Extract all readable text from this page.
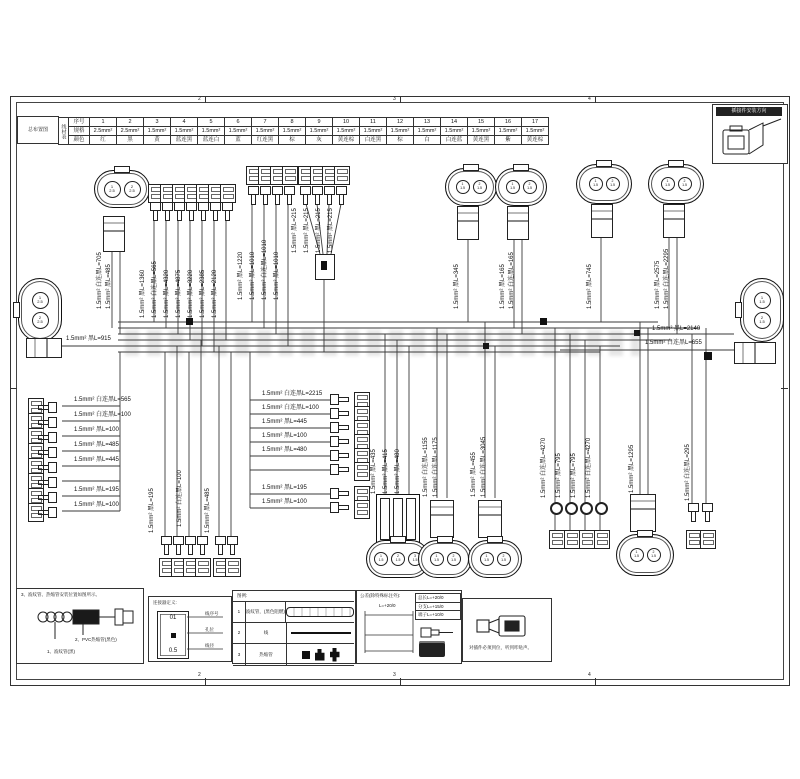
2	3	4
2	3	4
总布置图	线材表	序号	1	2	3	4	5	6	7	8	9	10	11	12	13	14	15	16	17
	规格	2.5mm²	2.5mm²	1.5mm²	1.5mm²	1.5mm²	1.5mm²	1.5mm²	1.5mm²	1.5mm²	1.5mm²	1.5mm²	1.5mm²	1.5mm²	1.5mm²	1.5mm²	1.5mm²	1.5mm²
	颜色	红	黑	黄	蓝连黑	蓝连白	蓝	红连黑	棕	灰	黄连棕	白连黑	棕	白	白连蓝	黄连黑	紫	黄连棕
插接件安装方向
1
2.5
2
2.5
1.5mm² 白连黑L=705 1.5mm² 黑L=485	1.5mm² 黑L=1360 1.5mm² 白连黑L=565 1.5mm² 黑L=4320 1.5mm² 黑L=4875 1.5mm² 黑L=3220 1.5mm² 黑L=2385 1.5mm² 黑L=2120	1.5mm² 黑L=1220 1.5mm² 黑L=1010 1.5mm² 白连黑L=1010 1.5mm² 黑L=1010
1.5mm² 黑L=215 1.5mm² 黑L=215 1.5mm² 黑L=215 1.5mm² 黑L=215
1
1.5
2
1.5
1.5mm² 黑L=345
1
1.5
2
1.5
1.5mm² 黑L=165 1.5mm² 白连黑L=165
1
1.5
2
1.5
1.5mm² 黑L=745
1
1.5
2
1.5
1.5mm² 黑L=2575 1.5mm² 白连黑L=2295
1
2.5
2
2.5
1.5mm² 黑L=915
1
1.5
2
1.5
1.5mm² 黑L=2140
1.5mm² 白连黑L=655
1.5mm² 白连黑L=565
1.5mm² 白连黑L=100
1.5mm² 黑L=100
1.5mm² 黑L=485
1.5mm² 黑L=445
1.5mm² 黑L=195
1.5mm² 黑L=100
1.5mm² 白连黑L=2215
1.5mm² 白连黑L=100
1.5mm² 黑L=445
1.5mm² 黑L=100
1.5mm² 黑L=480
1.5mm² 黑L=195
1.5mm² 黑L=100
1.5mm² 黑L=195	1.5mm² 白连黑L=100	1.5mm² 黑L=485
1
1.5
2
1.5
3
1.5
1.5mm² 黑L=435 1.5mm² 黑L=415 1.5mm² 黑L=480
1
1.5
2
1.5
1.5mm² 白连黑L=1155 1.5mm² 白连黑L=1175
1
1.5
2
1.5
1.5mm² 黑L=455 1.5mm² 白连黑L=3045	1.5mm² 白连黑L=4270 1.5mm² 黑L=795 1.5mm² 黑L=795 1.5mm² 白连黑L=4270
1
1.5
2
1.5
1.5mm² 黑L=1295	1.5mm² 白连黑L=295
3、波纹管、热缩管安装位置如图所示。
2、PVC热缩管(黑色)
1、波纹管(黑)
连接器定义:
01
0.5
线序号
孔位
线径
图例:
1	波纹管，(黑色阻燃)
2	线
3	热缩管
公差(除特殊标注外):
L=+20/0
总长L=+20/0
分支L=+15/0
端子L=+10/0
对插件必须到位，听到咔哒声。
